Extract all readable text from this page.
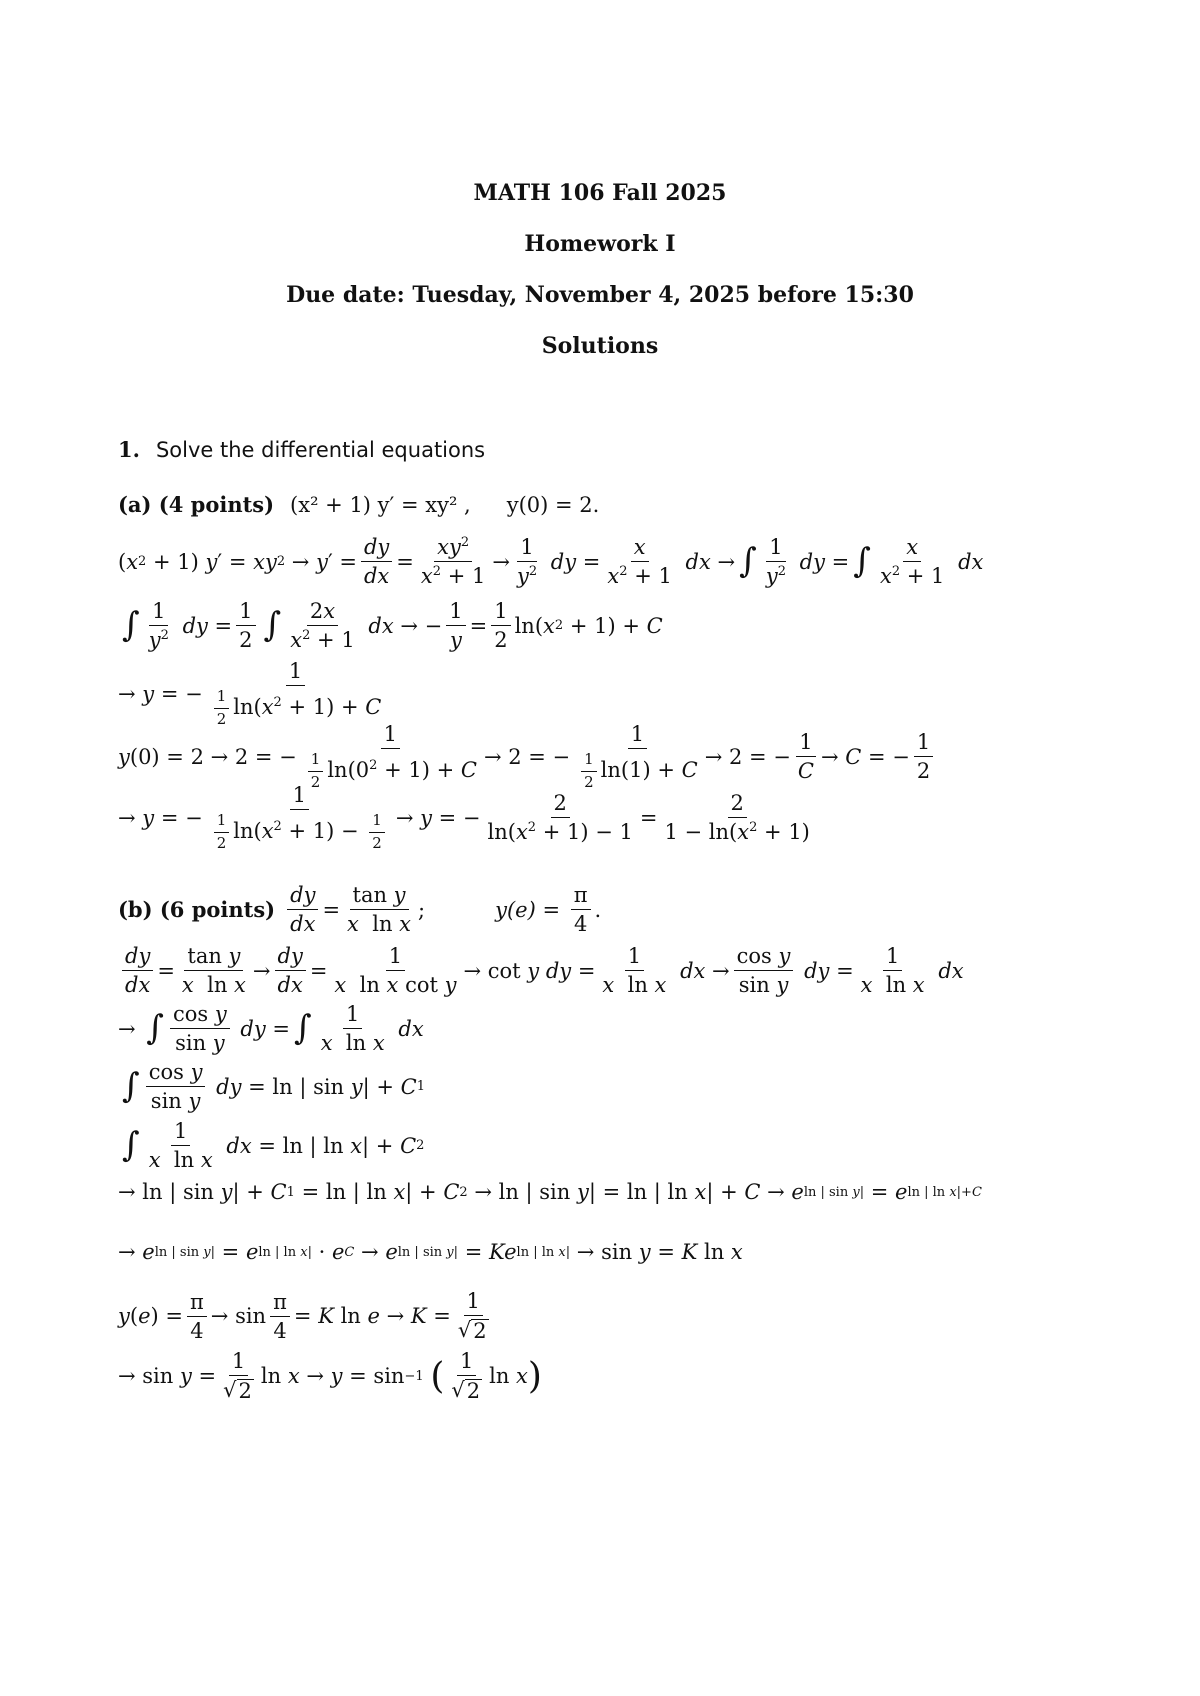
MATH 106 Fall 2025
Homework I
Due date: Tuesday, November 4, 2025 before 15:30
Solutions
1. Solve the differential equations
(a) (4 points) (x² + 1) y′ = xy² , y(0) = 2.
( x 2 + 1) y ′ = xy 2 → y ′ = $\frac{dy}{dx} = \frac{xy^2}{x^2 + 1} \to \frac{1}{y^2}$
dy = $\frac{x}{x^2 + 1}$
dx → ∫ $\frac{1}{y^2}$
dy = ∫ $\frac{x}{x^2 + 1}$
dx
∫ $\frac{1}{y^2}$
dy = $\frac{1}{2}$ ∫ $\frac{2x}{x^2 + 1}$
dx → − $\frac{1}{y} = \frac{1}{2} \ln$( x 2 + 1) + C
→ y = − $\frac{1}{\frac{1}{2} \ln(x^2 + 1) + C}$
y (0) = 2 → 2 = − $\frac{1}{\frac{1}{2} \ln(0^2 + 1) + C} \to 2$ = − $\frac{1}{\frac{1}{2} \ln(1) + C} \to 2$ = − $\frac{1}{C} \to C$ = − $\frac{1}{2}$
→ y = − $\frac{1}{\frac{1}{2} \ln(x^2 + 1) - \frac{1}{2}} \to y$ = − $\frac{2}{\ln(x^2 + 1) - 1} = \frac{2}{1 - \ln(x^2 + 1)}$
(b) (6 points) $\frac{dy}{dx} = \frac{\text{tan y}}{\text{x  ln x}}$ ;	y(e) =
$\frac{\pi}{4}$ .
$\frac{dy}{dx} = \frac{\text{tan y}}{\text{x  ln x}} \to \frac{dy}{dx} = \frac{1}{\text{x  ln x cot y}} \to \cot y$
dy = $\frac{1}{\text{x  ln x}}$
dx → $\frac{\text{cos y}}{\text{sin y}}$
dy = $\frac{1}{\text{x  ln x}}$
dx
→ ∫ $\frac{\text{cos y}}{\text{sin y}}$
dy = ∫ $\frac{1}{\text{x  ln x}}$
dx
∫ $\frac{\text{cos y}}{\text{sin y}}$
dy = ln | sin y | + C 1
∫ $\frac{1}{\text{x  ln x}}$
dx = ln | ln x | + C 2
→ ln | sin y | + C 1 = ln | ln x | + C 2 → ln | sin y | = ln | ln x | + C → e ln | sin y| = e ln | ln x|+C
→ e ln | sin y| = e ln | ln x| · e C → e ln | sin y| = Ke ln | ln x| → sin y = K ln x
y ( e ) = $\frac{\pi}{4} \to \sin \frac{\pi}{4} = K$ $\ln e \to K = \frac{1}{√ 2}$
→ $\sin y = \frac{1}{√ 2}$ ln x → y = sin −1
( $\frac{1}{√ 2}$ ln x )
